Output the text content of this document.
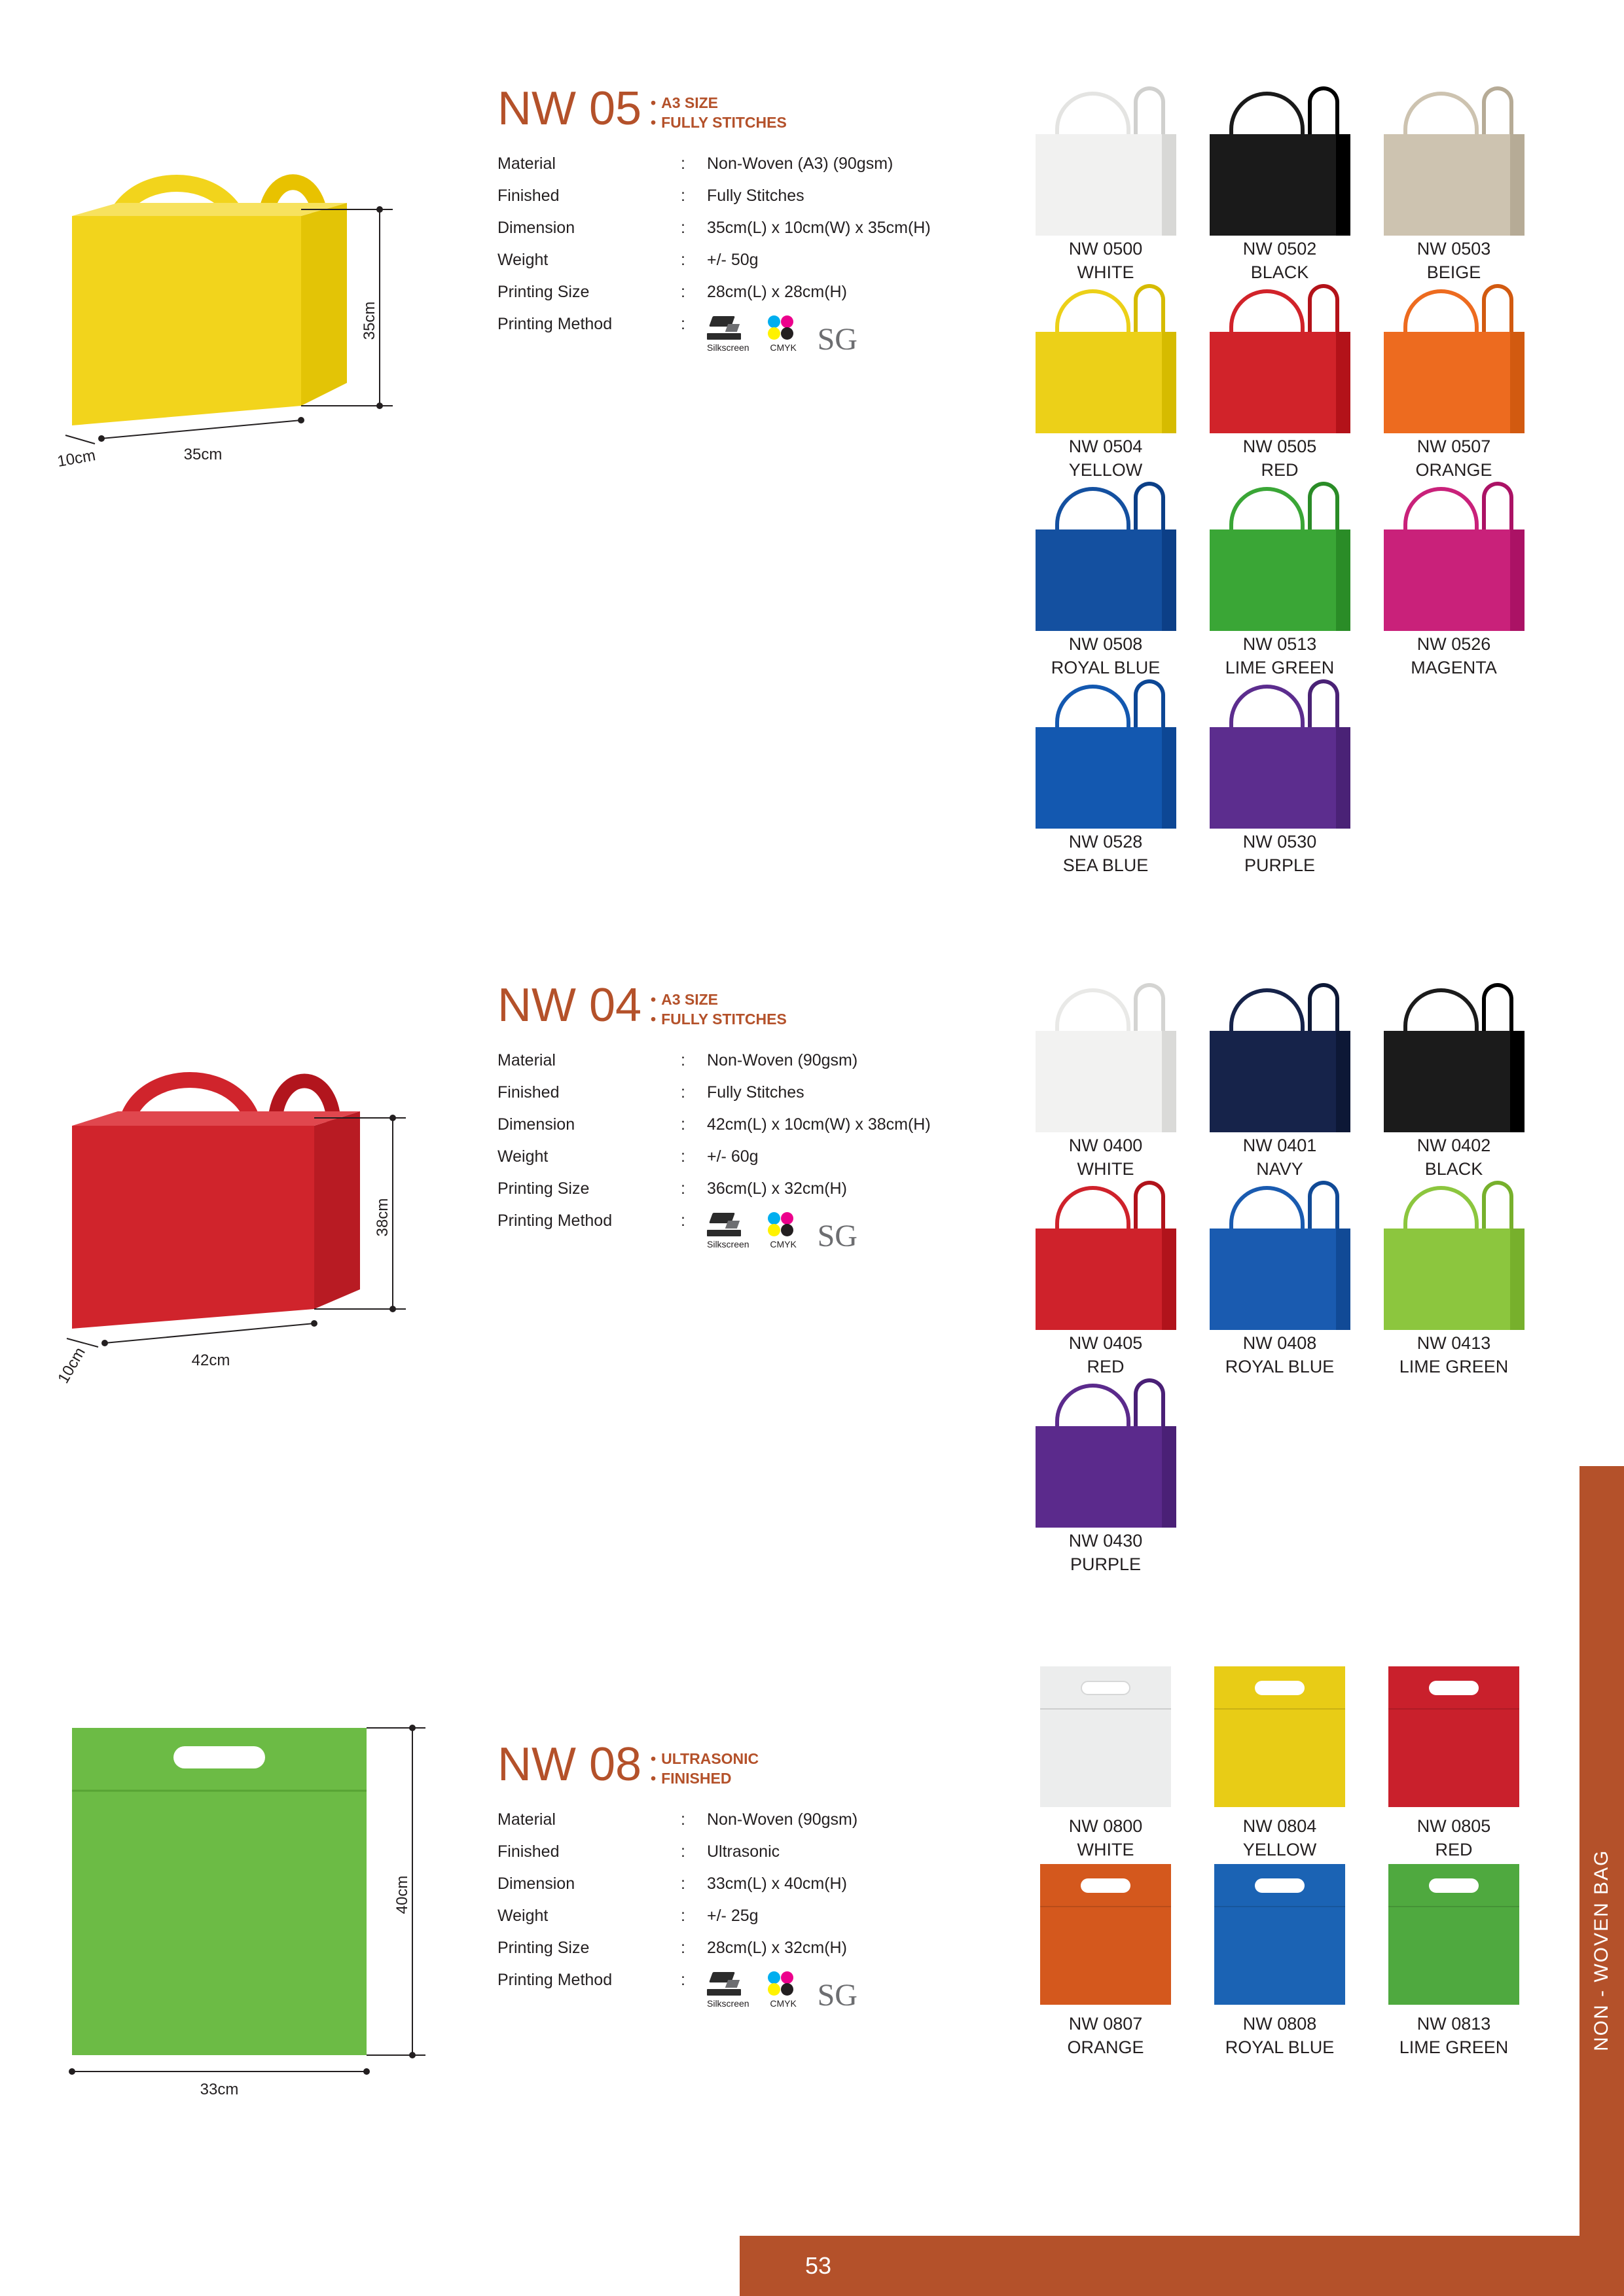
35cm
35cm
10cm
NW 05	• A3 SIZE
• FULLY STITCHES
Material	:	Non-Woven (A3) (90gsm)
Finished	:	Fully Stitches
Dimension	:	35cm(L) x 10cm(W) x 35cm(H)
Weight	:	+/- 50g
Printing Size	:	28cm(L) x 28cm(H)
Printing Method	:	Silkscreen CMYK SG
NW 0500
WHITE
NW 0502
BLACK
NW 0503
BEIGE
NW 0504
YELLOW
NW 0505
RED
NW 0507
ORANGE
NW 0508
ROYAL BLUE
NW 0513
LIME GREEN
NW 0526
MAGENTA
NW 0528
SEA BLUE
NW 0530
PURPLE
38cm
42cm
10cm
NW 04	• A3 SIZE
• FULLY STITCHES
Material	:	Non-Woven (90gsm)
Finished	:	Fully Stitches
Dimension	:	42cm(L) x 10cm(W) x 38cm(H)
Weight	:	+/- 60g
Printing Size	:	36cm(L) x 32cm(H)
Printing Method	:	Silkscreen CMYK SG
NW 0400
WHITE
NW 0401
NAVY
NW 0402
BLACK
NW 0405
RED
NW 0408
ROYAL BLUE
NW 0413
LIME GREEN
NW 0430
PURPLE
40cm
33cm
NW 08	• ULTRASONIC
• FINISHED
Material	:	Non-Woven (90gsm)
Finished	:	Ultrasonic
Dimension	:	33cm(L) x 40cm(H)
Weight	:	+/- 25g
Printing Size	:	28cm(L) x 32cm(H)
Printing Method	:	Silkscreen CMYK SG
NW 0800
WHITE
NW 0804
YELLOW
NW 0805
RED
NW 0807
ORANGE
NW 0808
ROYAL BLUE
NW 0813
LIME GREEN	NON - WOVEN BAG
53
